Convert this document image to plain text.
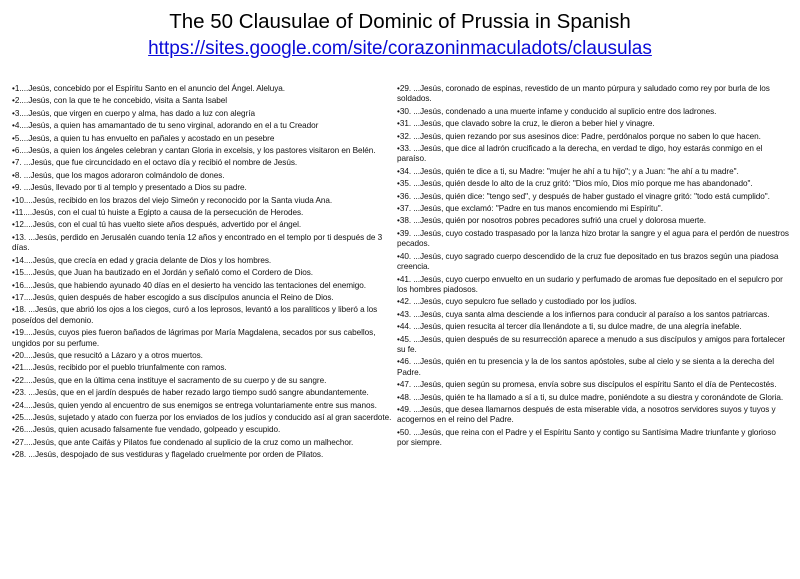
The 50 Clausulae of Dominic of Prussia in Spanish
https://sites.google.com/site/corazoninmaculadots/clausulas

•1....Jesús, concebido por el Espíritu Santo en el anuncio del Ángel. Aleluya.

•2....Jesús, con la que te he concebido, visita a Santa Isabel

•3....Jesús, que virgen en cuerpo y alma, has dado a luz con alegría

•4....Jesús, a quien has amamantado de tu seno virginal, adorando en el a tu Creador

•5....Jesús, a quien tu has envuelto en pañales y acostado en un pesebre

•6....Jesús, a quien los ángeles celebran y cantan Gloria in excelsis, y los pastores visitaron en Belén.

•7. ...Jesús, que fue circuncidado en el octavo día y recibió el nombre de Jesús.

•8. ...Jesús, que los magos adoraron colmándolo de dones.

•9. ...Jesús, llevado por ti al templo y presentado a Dios su padre.

•10....Jesús, recibido en los brazos del viejo Simeón y reconocido por la Santa viuda Ana.

•11....Jesús, con el cual tú huiste a Egipto a causa de la persecución de Herodes.

•12....Jesús, con el cual tú has vuelto siete años después, advertido por el ángel.

•13. ...Jesús, perdido en Jerusalén cuando tenía 12 años y encontrado en el templo por ti después de 3 días.

•14....Jesús, que crecía en edad y gracia delante de Dios y los hombres.

•15....Jesús, que Juan ha bautizado en el Jordán y señaló como el Cordero de Dios.

•16....Jesús, que habiendo ayunado 40 días en el desierto ha vencido las tentaciones del enemigo.

•17....Jesús, quien después de haber escogido a sus discípulos anuncia el Reino de Dios.

•18. ...Jesús, que abrió los ojos a los ciegos, curó a los leprosos, levantó a los paralíticos y liberó a los poseídos del demonio.

•19....Jesús, cuyos pies fueron bañados de lágrimas por María Magdalena, secados por sus cabellos, ungidos por su perfume.

•20....Jesús, que resucitó a Lázaro y a otros muertos.

•21....Jesús, recibido por el pueblo triunfalmente con ramos.

•22....Jesús, que en la última cena instituye el sacramento de su cuerpo y de su sangre.

•23. ...Jesús, que en el jardín después de haber rezado largo tiempo sudó sangre abundantemente.

•24....Jesús, quien yendo al encuentro de sus enemigos se entrega voluntariamente entre sus manos.

•25....Jesús, sujetado y atado con fuerza por los enviados de los judíos y conducido así al gran sacerdote.

•26....Jesús, quien acusado falsamente fue vendado, golpeado y escupido.

•27....Jesús, que ante Caifás y Pilatos fue condenado al suplicio de la cruz como un malhechor.

•28. ...Jesús, despojado de sus vestiduras y flagelado cruelmente por orden de Pilatos.

•29. ...Jesús, coronado de espinas, revestido de un manto púrpura y saludado como rey por burla de los soldados.

•30. ...Jesús, condenado a una muerte infame y conducido al suplicio entre dos ladrones.

•31. ...Jesús, que clavado sobre la cruz, le dieron a beber hiel y vinagre.

•32. ...Jesús, quien rezando por sus asesinos dice: Padre, perdónalos porque no saben lo que hacen.

•33. ...Jesús, que dice al ladrón crucificado a la derecha, en verdad te digo, hoy estarás conmigo en el paraíso.

•34. ...Jesús, quién te dice a ti, su Madre: "mujer he ahí a tu hijo"; y a Juan: "he ahí a tu madre".

•35. ...Jesús, quién desde lo alto de la cruz gritó: "Dios mío, Dios mío porque me has abandonado".

•36. ...Jesús, quién dice: "tengo sed", y después de haber gustado el vinagre gritó: "todo está cumplido".

•37. ...Jesús, que exclamó: "Padre en tus manos encomiendo mi Espíritu".

•38. ...Jesús, quién por nosotros pobres pecadores sufrió una cruel y dolorosa muerte.

•39. ...Jesús, cuyo costado traspasado por la lanza hizo brotar la sangre y el agua para el perdón de nuestros pecados.

•40. ...Jesús, cuyo sagrado cuerpo descendido de la cruz fue depositado en tus brazos según una piadosa creencia.

•41. ...Jesús, cuyo cuerpo envuelto en un sudario y perfumado de aromas fue depositado en el sepulcro por los hombres piadosos.

•42. ...Jesús, cuyo sepulcro fue sellado y custodiado por los judíos.

•43. ...Jesús, cuya santa alma desciende a los infiernos para conducir al paraíso a los santos patriarcas.

•44. ...Jesús, quien resucita al tercer día llenándote a ti, su dulce madre, de una alegría inefable.

•45. ...Jesús, quien después de su resurrección aparece a menudo a sus discípulos y amigos para fortalecer su fe.

•46. ...Jesús, quién en tu presencia y la de los santos apóstoles, sube al cielo y se sienta a la derecha del Padre.

•47. ...Jesús, quien según su promesa, envía sobre sus discípulos el espíritu Santo el día de Pentecostés.

•48. ...Jesús, quién te ha llamado a sí a ti, su dulce madre, poniéndote a su diestra y coronándote de Gloria.

•49. ...Jesús, que desea llamarnos después de esta miserable vida, a nosotros servidores suyos y tuyos y acogernos en el reino del Padre.

•50. ...Jesús, que reina con el Padre y el Espíritu Santo y contigo su Santísima Madre triunfante y glorioso por siempre.
